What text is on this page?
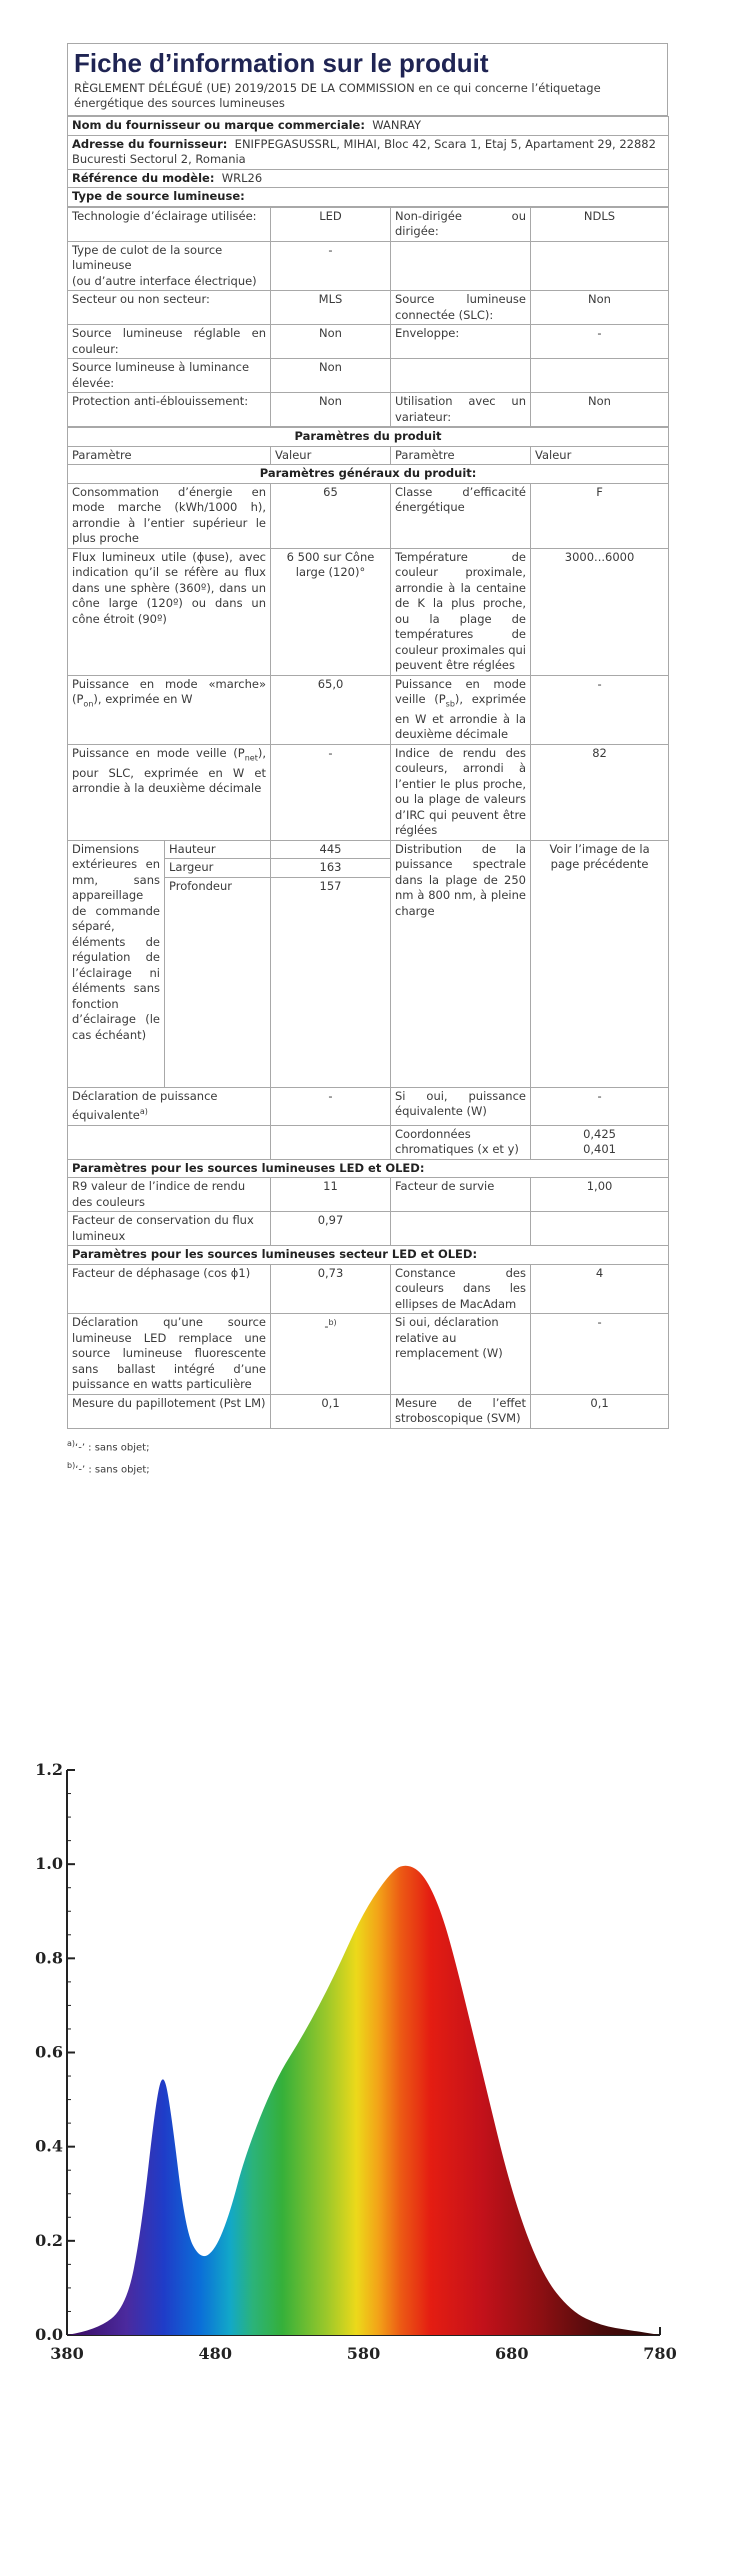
Fiche d’information sur le produit
RÈGLEMENT DÉLÉGUÉ (UE) 2019/2015 DE LA COMMISSION en ce qui concerne l’étiquetage énergétique des sources lumineuses
Nom du fournisseur ou marque commerciale: WANRAY
Adresse du fournisseur: ENIFPEGASUSSRL, MIHAI, Bloc 42, Scara 1, Etaj 5, Apartament 29, 22882 Bucuresti Sectorul 2, Romania
Référence du modèle: WRL26
Type de source lumineuse:
Technologie d’éclairage utilisée:	LED	Non-dirigée ou dirigée:	NDLS

Type de culot de la source lumineuse
(ou d’autre interface électrique)	-		
Secteur ou non secteur:	MLS	Source lumineuse connectée (SLC):	Non
Source lumineuse réglable en couleur:	Non	Enveloppe:	-
Source lumineuse à luminance élevée:	Non		
Protection anti-éblouissement:	Non	Utilisation avec un variateur:	Non
Paramètres du produit				
Paramètre		Valeur	Paramètre	Valeur
Paramètres généraux du produit:				
Consommation d’énergie en mode marche (kWh/1000 h), arrondie à l’entier supérieur le plus proche		65	Classe d’efficacité énergétique	F
Flux lumineux utile (ɸuse), avec indication qu’il se réfère au flux dans une sphère (360º), dans un cône large (120º) ou dans un cône étroit (90º)		6 500 sur Cône large (120)°	Température de couleur proximale, arrondie à la centaine de K la plus proche, ou la plage de températures de couleur proximales qui peuvent être réglées	3000...6000
Puissance en mode «marche» $(P_{on})$, exprimée en W		65,0	Puissance en mode veille $(P_{sb})$, exprimée en W et arrondie à la deuxième décimale	-
Puissance en mode veille $(P_{net})$, pour SLC, exprimée en W et arrondie à la deuxième décimale		-	Indice de rendu des couleurs, arrondi à l’entier le plus proche, ou la plage de valeurs d’IRC qui peuvent être réglées	82
Dimensions extérieures en mm, sans appareillage de commande séparé, éléments de régulation de l’éclairage ni éléments sans fonction d’éclairage (le cas échéant)	Hauteur	445	Distribution de la puissance spectrale dans la plage de 250 nm à 800 nm, à pleine charge	Voir l’image de la page précédente
	Largeur	163		
	Profondeur	157		
Déclaration de puissance équivalente$^{a)}$		-	Si oui, puissance équivalente (W)	-
			Coordonnées chromatiques (x et y)	0,425
0,401

Paramètres pour les sources lumineuses LED et OLED:				
R9 valeur de l’indice de rendu des couleurs		11	Facteur de survie	1,00
Facteur de conservation du flux lumineux		0,97		
Paramètres pour les sources lumineuses secteur LED et OLED:				
Facteur de déphasage (cos ɸ1)		0,73	Constance des couleurs dans les ellipses de MacAdam	4
Déclaration qu’une source lumineuse LED remplace une source lumineuse fluorescente sans ballast intégré d’une puissance en watts particulière		-$^{b)}$	Si oui, déclaration relative au remplacement (W)	-
Mesure du papillotement (Pst LM)		0,1	Mesure de l’effet stroboscopique (SVM)	0,1
$^{a)}$‘-’ : sans objet;
$^{b)}$‘-’ : sans objet;
0.0
0.2
0.4
0.6
0.8
1.0
1.2
380	480	580	680	780
